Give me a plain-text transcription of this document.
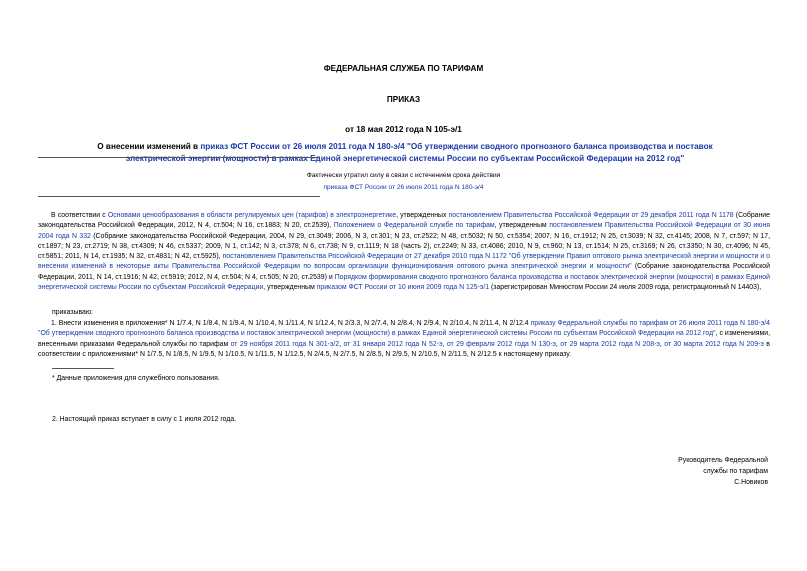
ФЕДЕРАЛЬНАЯ СЛУЖБА ПО ТАРИФАМ
ПРИКАЗ
от 18 мая 2012 года N 105-э/1
О внесении изменений в приказ ФСТ России от 26 июля 2011 года N 180-э/4 "Об утверждении сводного прогнозного баланса производства и поставок электрической энергии (мощности) в рамках Единой энергетической системы России по субъектам Российской Федерации на 2012 год"
Фактически утратил силу в связи с истечением срока действия
приказа ФСТ России от 26 июля 2011 года N 180-э/4
В соответствии с Основами ценообразования в области регулируемых цен (тарифов) в электроэнергетике, утвержденных постановлением Правительства Российской Федерации от 29 декабря 2011 года N 1178 (Собрание законодательства Российской Федерации, 2012, N 4, ст.504; N 16, ст.1883; N 20, ст.2539), Положением о Федеральной службе по тарифам, утвержденным постановлением Правительства Российской Федерации от 30 июня 2004 года N 332 (Собрание законодательства Российской Федерации, 2004, N 29, ст.3049; 2006, N 3, ст.301; N 23, ст.2522; N 48, ст.5032; N 50, ст.5354; 2007, N 16, ст.1912; N 25, ст.3039; N 32, ст.4145; 2008, N 7, ст.597; N 17, ст.1897; N 23, ст.2719; N 38, ст.4309; N 46, ст.5337; 2009, N 1, ст.142; N 3, ст.378; N 6, ст.738; N 9, ст.1119; N 18 (часть 2), ст.2249; N 33, ст.4086; 2010, N 9, ст.960; N 13, ст.1514; N 25, ст.3169; N 26, ст.3350; N 30, ст.4096; N 45, ст.5851; 2011, N 14, ст.1935; N 32, ст.4831; N 42, ст.5925), постановлением Правительства Российской Федерации от 27 декабря 2010 года N 1172 "Об утверждении Правил оптового рынка электрической энергии и мощности и о внесении изменений в некоторые акты Правительства Российской Федерации по вопросам организации функционирования оптового рынка электрической энергии и мощности" (Собрание законодательства Российской Федерации, 2011, N 14, ст.1916; N 42, ст.5919; 2012, N 4, ст.504; N 4, ст.505; N 20, ст.2539) и Порядком формирования сводного прогнозного баланса производства и поставок электрической энергии (мощности) в рамках Единой энергетической системы России по субъектам Российской Федерации, утвержденным приказом ФСТ России от 10 июня 2009 года N 125-э/1 (зарегистрирован Минюстом России 24 июля 2009 года, регистрационный N 14403),
приказываю:
1. Внести изменения в приложения* N 1/7.4, N 1/8.4, N 1/9.4, N 1/10.4, N 1/11.4, N 1/12.4, N 2/3.3, N 2/7.4, N 2/8.4, N 2/9.4, N 2/10.4, N 2/11.4, N 2/12.4 приказу Федеральной службы по тарифам от 26 июля 2011 года N 180-э/4 "Об утверждении сводного прогнозного баланса производства и поставок электрической энергии (мощности) в рамках Единой энергетической системы России по субъектам Российской Федерации на 2012 год", с изменениями, внесенными приказами Федеральной службы по тарифам от 29 ноября 2011 года N 301-э/2, от 31 января 2012 года N 52-э, от 29 февраля 2012 года N 130-э, от 29 марта 2012 года N 208-э, от 30 марта 2012 года N 209-э в соответствии с приложениями* N 1/7.5, N 1/8.5, N 1/9.5, N 1/10.5, N 1/11.5, N 1/12.5, N 2/4.5, N 2/7.5, N 2/8.5, N 2/9.5, N 2/10.5, N 2/11.5, N 2/12.5 к настоящему приказу.
* Данные приложения для служебного пользования.
2. Настоящий приказ вступает в силу с 1 июля 2012 года.
Руководитель Федеральной
службы по тарифам
С.Новиков
